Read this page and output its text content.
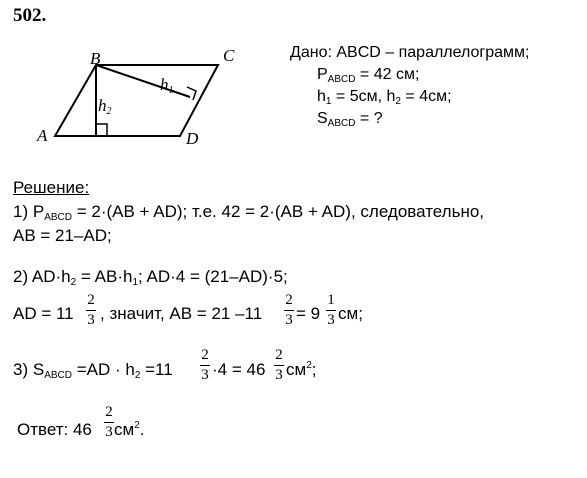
502.
A
B	C
D
$h_1$
$h_2$
Дано: ABCD – параллелограмм;
$P_{ABCD} = 42$ см;
$h_1 = 5см$, $h_2 = 4см$;
$S_{ABCD}$ = ?
Решение:
1) $P_{ABCD} = 2\cdot(AB + AD)$; т.е. 42 = 2·(AB + AD), следовательно,
AB = 21–AD;
2) $AD\cdot h_2 = AB\cdot h_1$; AD·4 = (21–AD)·5;
AD = 11
2
3 , значит, AB = 21 –11
2
3 = 9
1
3 см;
3) $S_{ABCD} =AD \cdot h_2 =11$
2
3 ·4 = 46
2
3 $см^2$;
Ответ: 46
2
3 $см^2$.
